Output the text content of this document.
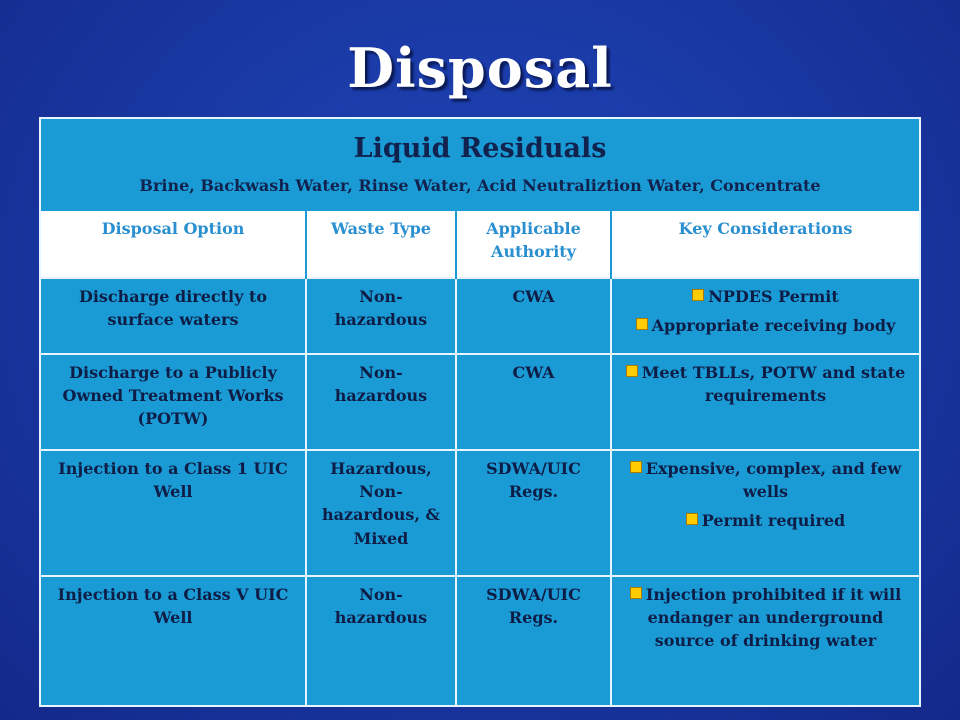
Disposal
Liquid Residuals
Brine, Backwash Water, Rinse Water, Acid Neutraliztion Water, Concentrate
Disposal Option	Waste Type	Applicable Authority	Key Considerations
Discharge directly to surface waters	Non-hazardous	CWA	NPDES Permit
Appropriate receiving body

Discharge to a Publicly Owned Treatment Works (POTW)	Non-hazardous	CWA	Meet TBLLs, POTW and state requirements

Injection to a Class 1 UIC Well	Hazardous, Non-hazardous, & Mixed	SDWA/UIC Regs.	Expensive, complex, and few wells
Permit required

Injection to a Class V UIC Well	Non-hazardous	SDWA/UIC Regs.	Injection prohibited if it will endanger an underground source of drinking water
